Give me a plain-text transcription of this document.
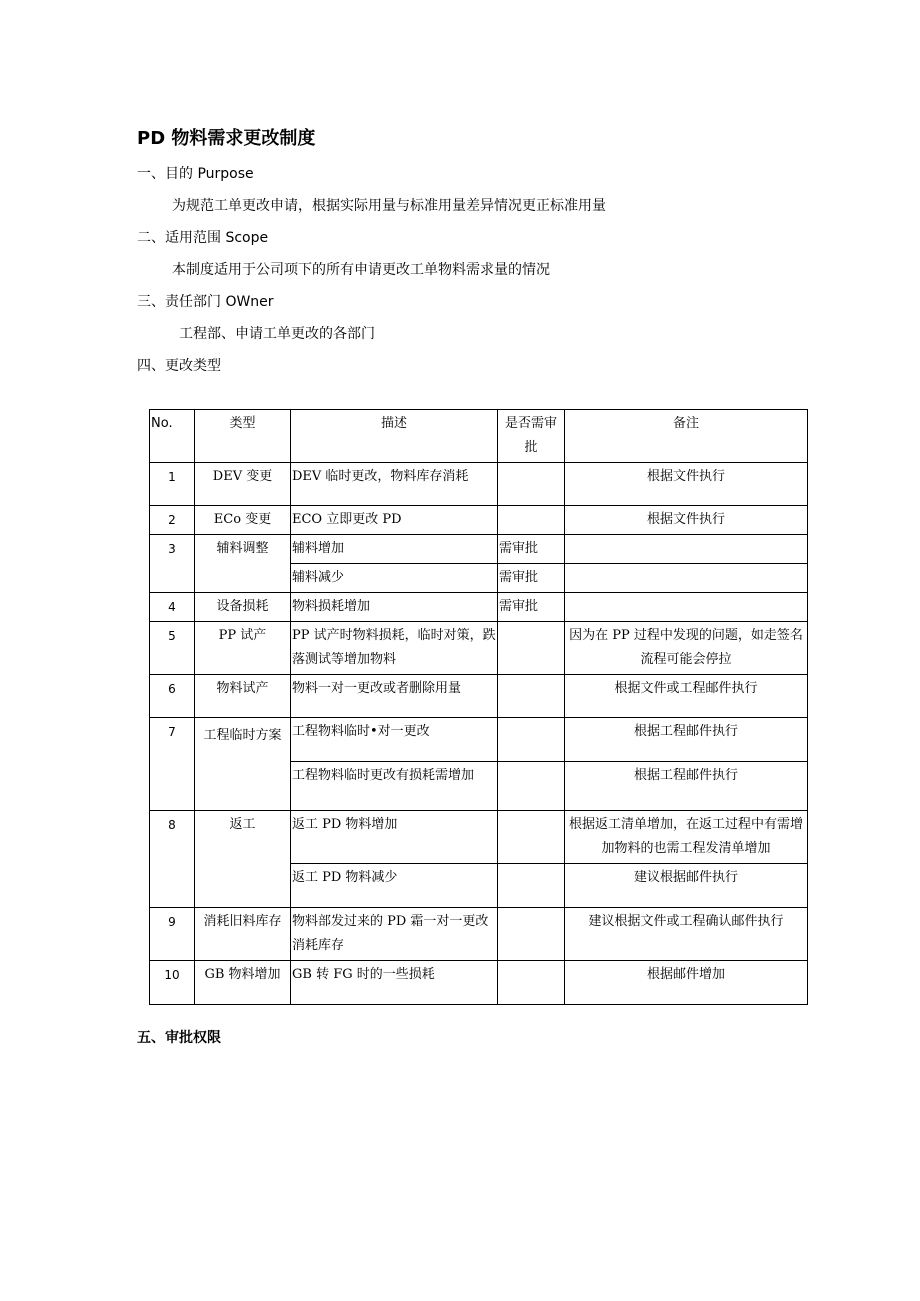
PD 物料需求更改制度
一、目的 Purpose
为规范工单更改申请，根据实际用量与标准用量差异情况更正标准用量
二、适用范围 Scope
本制度适用于公司项下的所有申请更改工单物料需求量的情况
三、责任部门 OWner
工程部、申请工单更改的各部门
四、更改类型
No.	类型	描述	是否需审批	备注
1	DEV 变更	DEV 临时更改，物料库存消耗		根据文件执行
2	ECo 变更	ECO 立即更改 PD		根据文件执行
3	辅料调整	辅料增加	需审批	
		辅料减少	需审批	
4	设备损耗	物料损耗增加	需审批	
5	PP 试产	PP 试产时物料损耗，临时对策，跌落测试等增加物料		因为在 PP 过程中发现的问题，如走签名流程可能会停拉
6	物料试产	物料一对一更改或者删除用量		根据文件或工程邮件执行
7	工程临时方案	工程物料临时•对一更改		根据工程邮件执行
		工程物料临时更改有损耗需增加		根据工程邮件执行
8	返工	返工 PD 物料增加		根据返工清单增加，在返工过程中有需增加物料的也需工程发清单增加
		返工 PD 物料减少		建议根据邮件执行
9	消耗旧料库存	物料部发过来的 PD 霜一对一更改消耗库存		建议根据文件或工程确认邮件执行
10	GB 物料增加	GB 转 FG 时的一些损耗		根据邮件增加
五、审批权限
